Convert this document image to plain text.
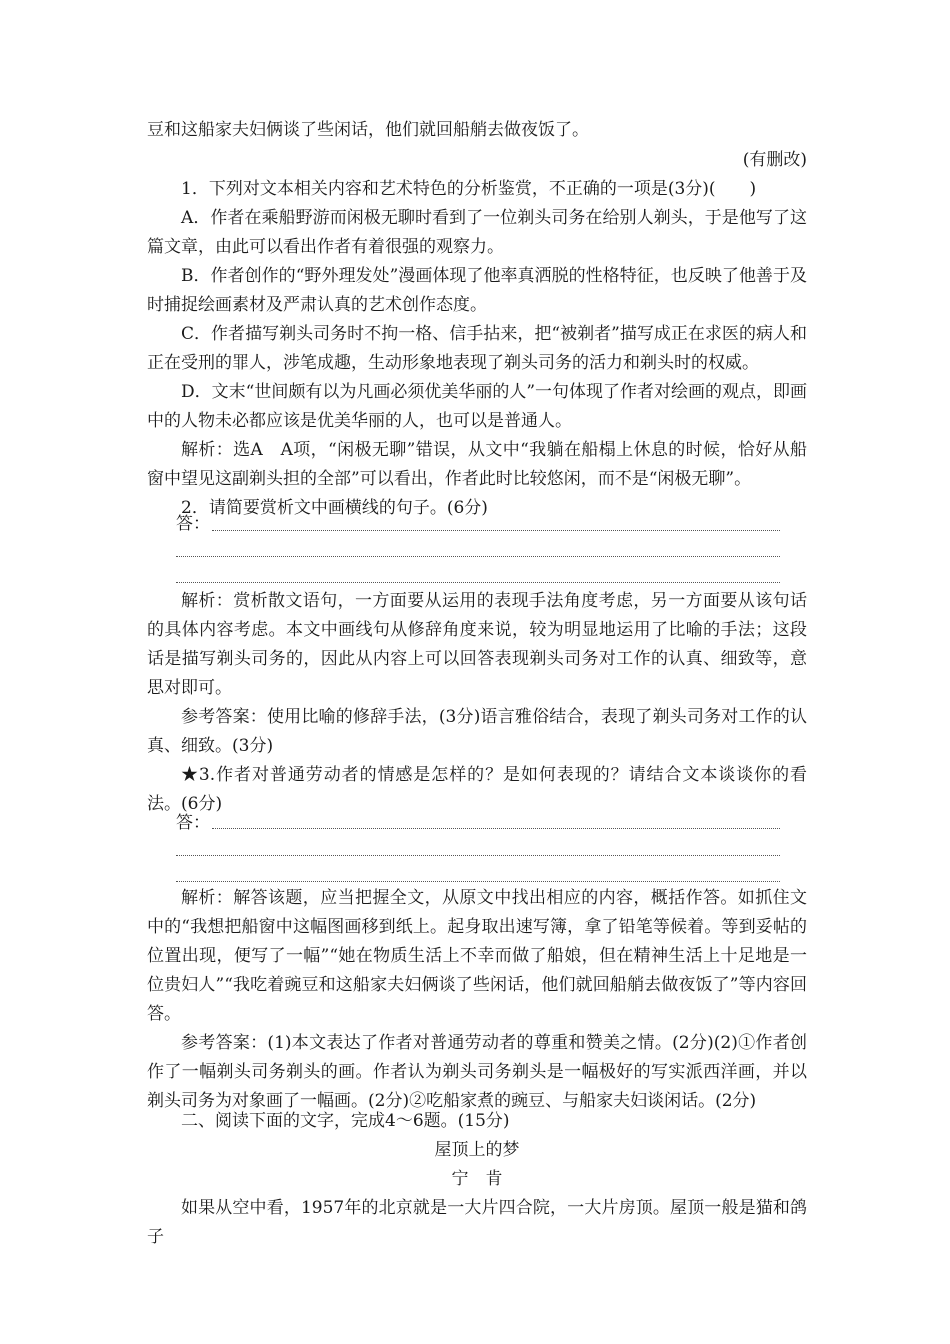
豆和这船家夫妇俩谈了些闲话，他们就回船艄去做夜饭了。

(有删改)

1．下列对文本相关内容和艺术特色的分析鉴赏，不正确的一项是(3分)(　　)

A．作者在乘船野游而闲极无聊时看到了一位剃头司务在给别人剃头，于是他写了这篇文章，由此可以看出作者有着很强的观察力。

B．作者创作的“野外理发处”漫画体现了他率真洒脱的性格特征，也反映了他善于及时捕捉绘画素材及严肃认真的艺术创作态度。

C．作者描写剃头司务时不拘一格、信手拈来，把“被剃者”描写成正在求医的病人和正在受刑的罪人，涉笔成趣，生动形象地表现了剃头司务的活力和剃头时的权威。

D．文末“世间颇有以为凡画必须优美华丽的人”一句体现了作者对绘画的观点，即画中的人物未必都应该是优美华丽的人，也可以是普通人。

解析：选A　A项，“闲极无聊”错误，从文中“我躺在船榻上休息的时候，恰好从船窗中望见这副剃头担的全部”可以看出，作者此时比较悠闲，而不是“闲极无聊”。

2．请简要赏析文中画横线的句子。(6分)

答：

解析：赏析散文语句，一方面要从运用的表现手法角度考虑，另一方面要从该句话的具体内容考虑。本文中画线句从修辞角度来说，较为明显地运用了比喻的手法；这段话是描写剃头司务的，因此从内容上可以回答表现剃头司务对工作的认真、细致等，意思对即可。

参考答案：使用比喻的修辞手法，(3分)语言雅俗结合，表现了剃头司务对工作的认真、细致。(3分)

★3.作者对普通劳动者的情感是怎样的？是如何表现的？请结合文本谈谈你的看法。(6分)

答：

解析：解答该题，应当把握全文，从原文中找出相应的内容，概括作答。如抓住文中的“我想把船窗中这幅图画移到纸上。起身取出速写簿，拿了铅笔等候着。等到妥帖的位置出现，便写了一幅”“她在物质生活上不幸而做了船娘，但在精神生活上十足地是一位贵妇人”“我吃着豌豆和这船家夫妇俩谈了些闲话，他们就回船艄去做夜饭了”等内容回答。

参考答案：(1)本文表达了作者对普通劳动者的尊重和赞美之情。(2分)(2)①作者创作了一幅剃头司务剃头的画。作者认为剃头司务剃头是一幅极好的写实派西洋画，并以剃头司务为对象画了一幅画。(2分)②吃船家煮的豌豆、与船家夫妇谈闲话。(2分)

二、阅读下面的文字，完成4～6题。(15分)

屋顶上的梦

宁　肯

如果从空中看，1957年的北京就是一大片四合院，一大片房顶。屋顶一般是猫和鸽子
